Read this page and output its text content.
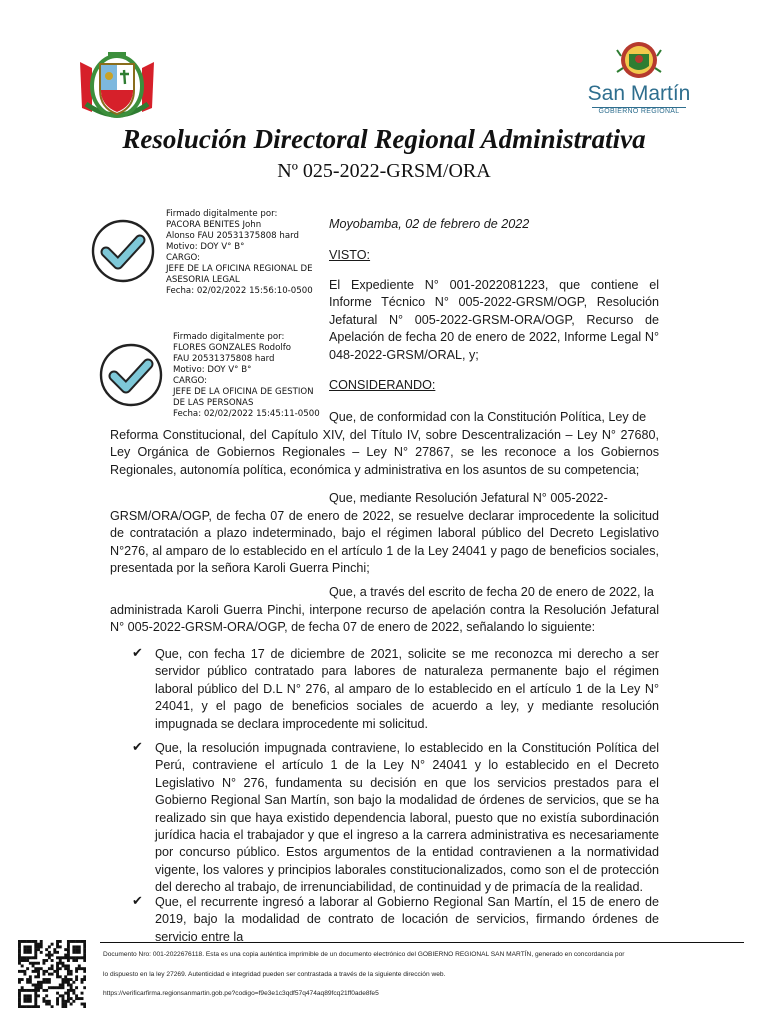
San Martín
GOBIERNO REGIONAL
Resolución Directoral Regional Administrativa
Nº 025-2022-GRSM/ORA
Firmado digitalmente por:
PACORA BENITES John
Alonso FAU 20531375808 hard
Motivo: DOY V° B°
CARGO:
JEFE DE LA OFICINA REGIONAL DE
ASESORIA LEGAL
Fecha: 02/02/2022 15:56:10-0500
Firmado digitalmente por:
FLORES GONZALES Rodolfo
FAU 20531375808 hard
Motivo: DOY V° B°
CARGO:
JEFE DE LA OFICINA DE GESTION
DE LAS PERSONAS
Fecha: 02/02/2022 15:45:11-0500
Moyobamba, 02 de febrero de 2022
VISTO:
El Expediente N° 001-2022081223, que contiene el Informe Técnico N° 005-2022-GRSM/OGP, Resolución Jefatural N° 005-2022-GRSM-ORA/OGP, Recurso de Apelación de fecha 20 de enero de 2022, Informe Legal N° 048-2022-GRSM/ORAL, y;
CONSIDERANDO:
Que, de conformidad con la Constitución Política, Ley de
Reforma Constitucional, del Capítulo XIV, del Título IV, sobre Descentralización – Ley N° 27680, Ley Orgánica de Gobiernos Regionales – Ley N° 27867, se les reconoce a los Gobiernos Regionales, autonomía política, económica y administrativa en los asuntos de su competencia;
Que, mediante Resolución Jefatural N° 005-2022-
GRSM/ORA/OGP, de fecha 07 de enero de 2022, se resuelve declarar improcedente la solicitud de contratación a plazo indeterminado, bajo el régimen laboral público del Decreto Legislativo N°276, al amparo de lo establecido en el artículo 1 de la Ley 24041 y pago de beneficios sociales, presentada por la señora Karoli Guerra Pinchi;
Que, a través del escrito de fecha 20 de enero de 2022, la
administrada Karoli Guerra Pinchi, interpone recurso de apelación contra la Resolución Jefatural N° 005-2022-GRSM-ORA/OGP, de fecha 07 de enero de 2022, señalando lo siguiente:
✔ Que, con fecha 17 de diciembre de 2021, solicite se me reconozca mi derecho a ser servidor público contratado para labores de naturaleza permanente bajo el régimen laboral público del D.L N° 276, al amparo de lo establecido en el artículo 1 de la Ley N° 24041, y el pago de beneficios sociales de acuerdo a ley, y mediante resolución impugnada se declara improcedente mi solicitud.
✔ Que, la resolución impugnada contraviene, lo establecido en la Constitución Política del Perú, contraviene el artículo 1 de la Ley N° 24041 y lo establecido en el Decreto Legislativo N° 276, fundamenta su decisión en que los servicios prestados para el Gobierno Regional San Martín, son bajo la modalidad de órdenes de servicios, que se ha realizado sin que haya existido dependencia laboral, puesto que no existía subordinación jurídica hacia el trabajador y que el ingreso a la carrera administrativa es necesariamente por concurso público. Estos argumentos de la entidad contravienen a la normatividad vigente, los valores y principios laborales constitucionalizados, como son el de protección del derecho al trabajo, de irrenunciabilidad, de continuidad y de primacía de la realidad.
✔ Que, el recurrente ingresó a laborar al Gobierno Regional San Martín, el 15 de enero de 2019, bajo la modalidad de contrato de locación de servicios, firmando órdenes de servicio entre la
Documento Nro: 001-2022676118. Esta es una copia auténtica imprimible de un documento electrónico del GOBIERNO REGIONAL SAN MARTÍN, generado en concordancia por
lo dispuesto en la ley 27269. Autenticidad e integridad pueden ser contrastada a través de la siguiente dirección web.
https://verificarfirma.regionsanmartin.gob.pe?codigo=f9e3e1c3qdf57q474aq89fcq21ff0ade8fe5
